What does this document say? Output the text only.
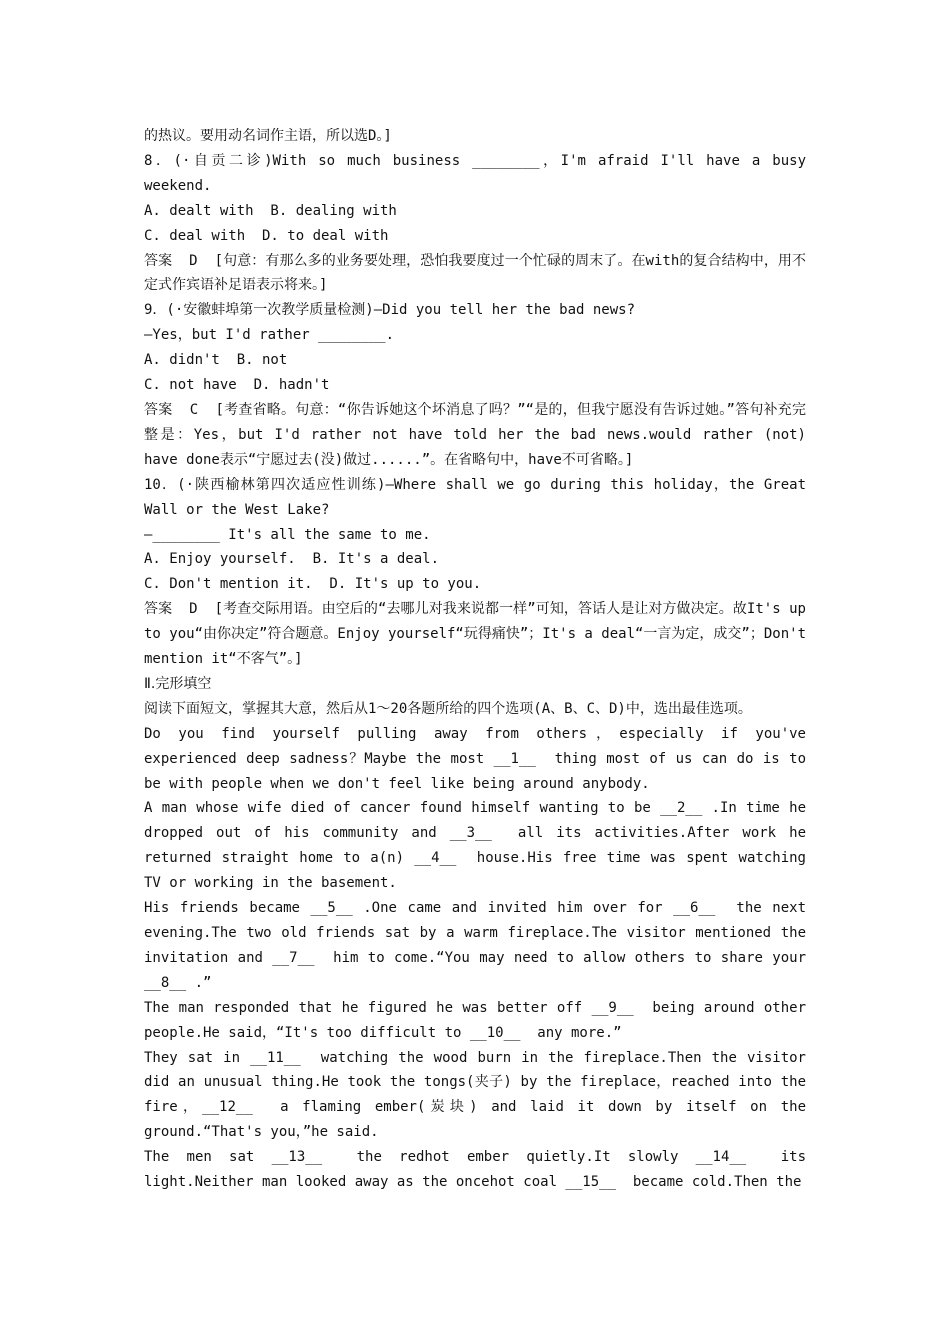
的热议。要用动名词作主语，所以选D。]
8．(·自贡二诊)With so much business ________，I'm afraid I'll have a busy weekend.
A. dealt with  B. dealing with
C. deal with  D. to deal with
答案  D  [句意：有那么多的业务要处理，恐怕我要度过一个忙碌的周末了。在with的复合结构中，用不定式作宾语补足语表示将来。]
9．(·安徽蚌埠第一次教学质量检测)—Did you tell her the bad news?
—Yes，but I'd rather ________.
A. didn't  B. not
C. not have  D. hadn't
答案  C  [考查省略。句意：“你告诉她这个坏消息了吗？”“是的，但我宁愿没有告诉过她。”答句补充完整是：Yes，but I'd rather not have told her the bad news.would rather (not) have done表示“宁愿过去(没)做过......”。在省略句中，have不可省略。]
10．(·陕西榆林第四次适应性训练)—Where shall we go during this holiday，the Great Wall or the West Lake?
—________ It's all the same to me.
A. Enjoy yourself.  B. It's a deal.
C. Don't mention it.  D. It's up to you.
答案  D  [考查交际用语。由空后的“去哪儿对我来说都一样”可知，答话人是让对方做决定。故It's up to you“由你决定”符合题意。Enjoy yourself“玩得痛快”；It's a deal“一言为定，成交”；Don't mention it“不客气”。]
Ⅱ.完形填空
阅读下面短文，掌握其大意，然后从1～20各题所给的四个选项(A、B、C、D)中，选出最佳选项。
Do you find yourself pulling away from others，especially if you've experienced deep sadness？Maybe the most __1__  thing most of us can do is to be with people when we don't feel like being around anybody.
A man whose wife died of cancer found himself wanting to be __2__ .In time he dropped out of his community and __3__  all its activities.After work he returned straight home to a(n) __4__  house.His free time was spent watching TV or working in the basement.
His friends became __5__ .One came and invited him over for __6__  the next evening.The two old friends sat by a warm fireplace.The visitor mentioned the invitation and __7__  him to come.“You may need to allow others to share your __8__ .”
The man responded that he figured he was better off __9__  being around other people.He said，“It's too difficult to __10__  any more.”
They sat in __11__  watching the wood burn in the fireplace.Then the visitor did an unusual thing.He took the tongs(夹子) by the fireplace，reached into the fire，__12__  a flaming ember(炭块) and laid it down by itself on the ground.“That's you，”he said.
The men sat __13__  the redhot ember quietly.It slowly __14__  its light.Neither man looked away as the oncehot coal __15__  became cold.Then the
